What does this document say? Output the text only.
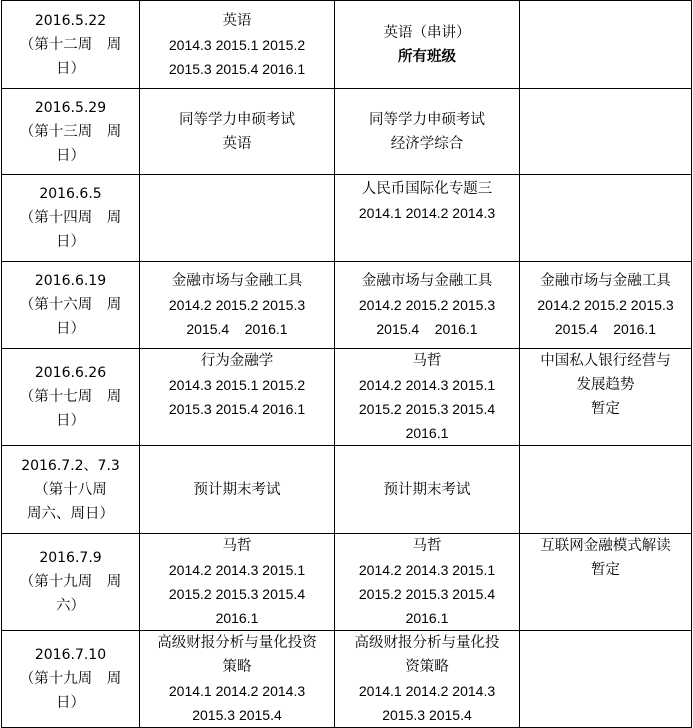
2016.5.22
（第十二周　周
日）	英语
2014.3 2015.1 2015.2
2015.3 2015.4 2016.1	英语（串讲）
所有班级	

2016.5.29
（第十三周　周
日）	同等学力申硕考试
英语	同等学力申硕考试
经济学综合	

2016.6.5
（第十四周　周
日）		人民币国际化专题三
2014.1 2014.2 2014.3	

2016.6.19
（第十六周　周
日）	金融市场与金融工具
2014.2 2015.2 2015.3
2015.4    2016.1	金融市场与金融工具
2014.2 2015.2 2015.3
2015.4    2016.1	金融市场与金融工具
2014.2 2015.2 2015.3
2015.4    2016.1

2016.6.26
（第十七周　周
日）	行为金融学
2014.3 2015.1 2015.2
2015.3 2015.4 2016.1	马哲
2014.2 2014.3 2015.1
2015.2 2015.3 2015.4
2016.1	中国私人银行经营与
发展趋势
暂定

2016.7.2、7.3
（第十八周
周六、周日）	预计期末考试	预计期末考试	

2016.7.9
（第十九周　周
六）	马哲
2014.2 2014.3 2015.1
2015.2 2015.3 2015.4
2016.1	马哲
2014.2 2014.3 2015.1
2015.2 2015.3 2015.4
2016.1	互联网金融模式解读
暂定

2016.7.10
（第十九周　周
日）	高级财报分析与量化投资
策略
2014.1 2014.2 2014.3
2015.3 2015.4	高级财报分析与量化投
资策略
2014.1 2014.2 2014.3
2015.3 2015.4	
